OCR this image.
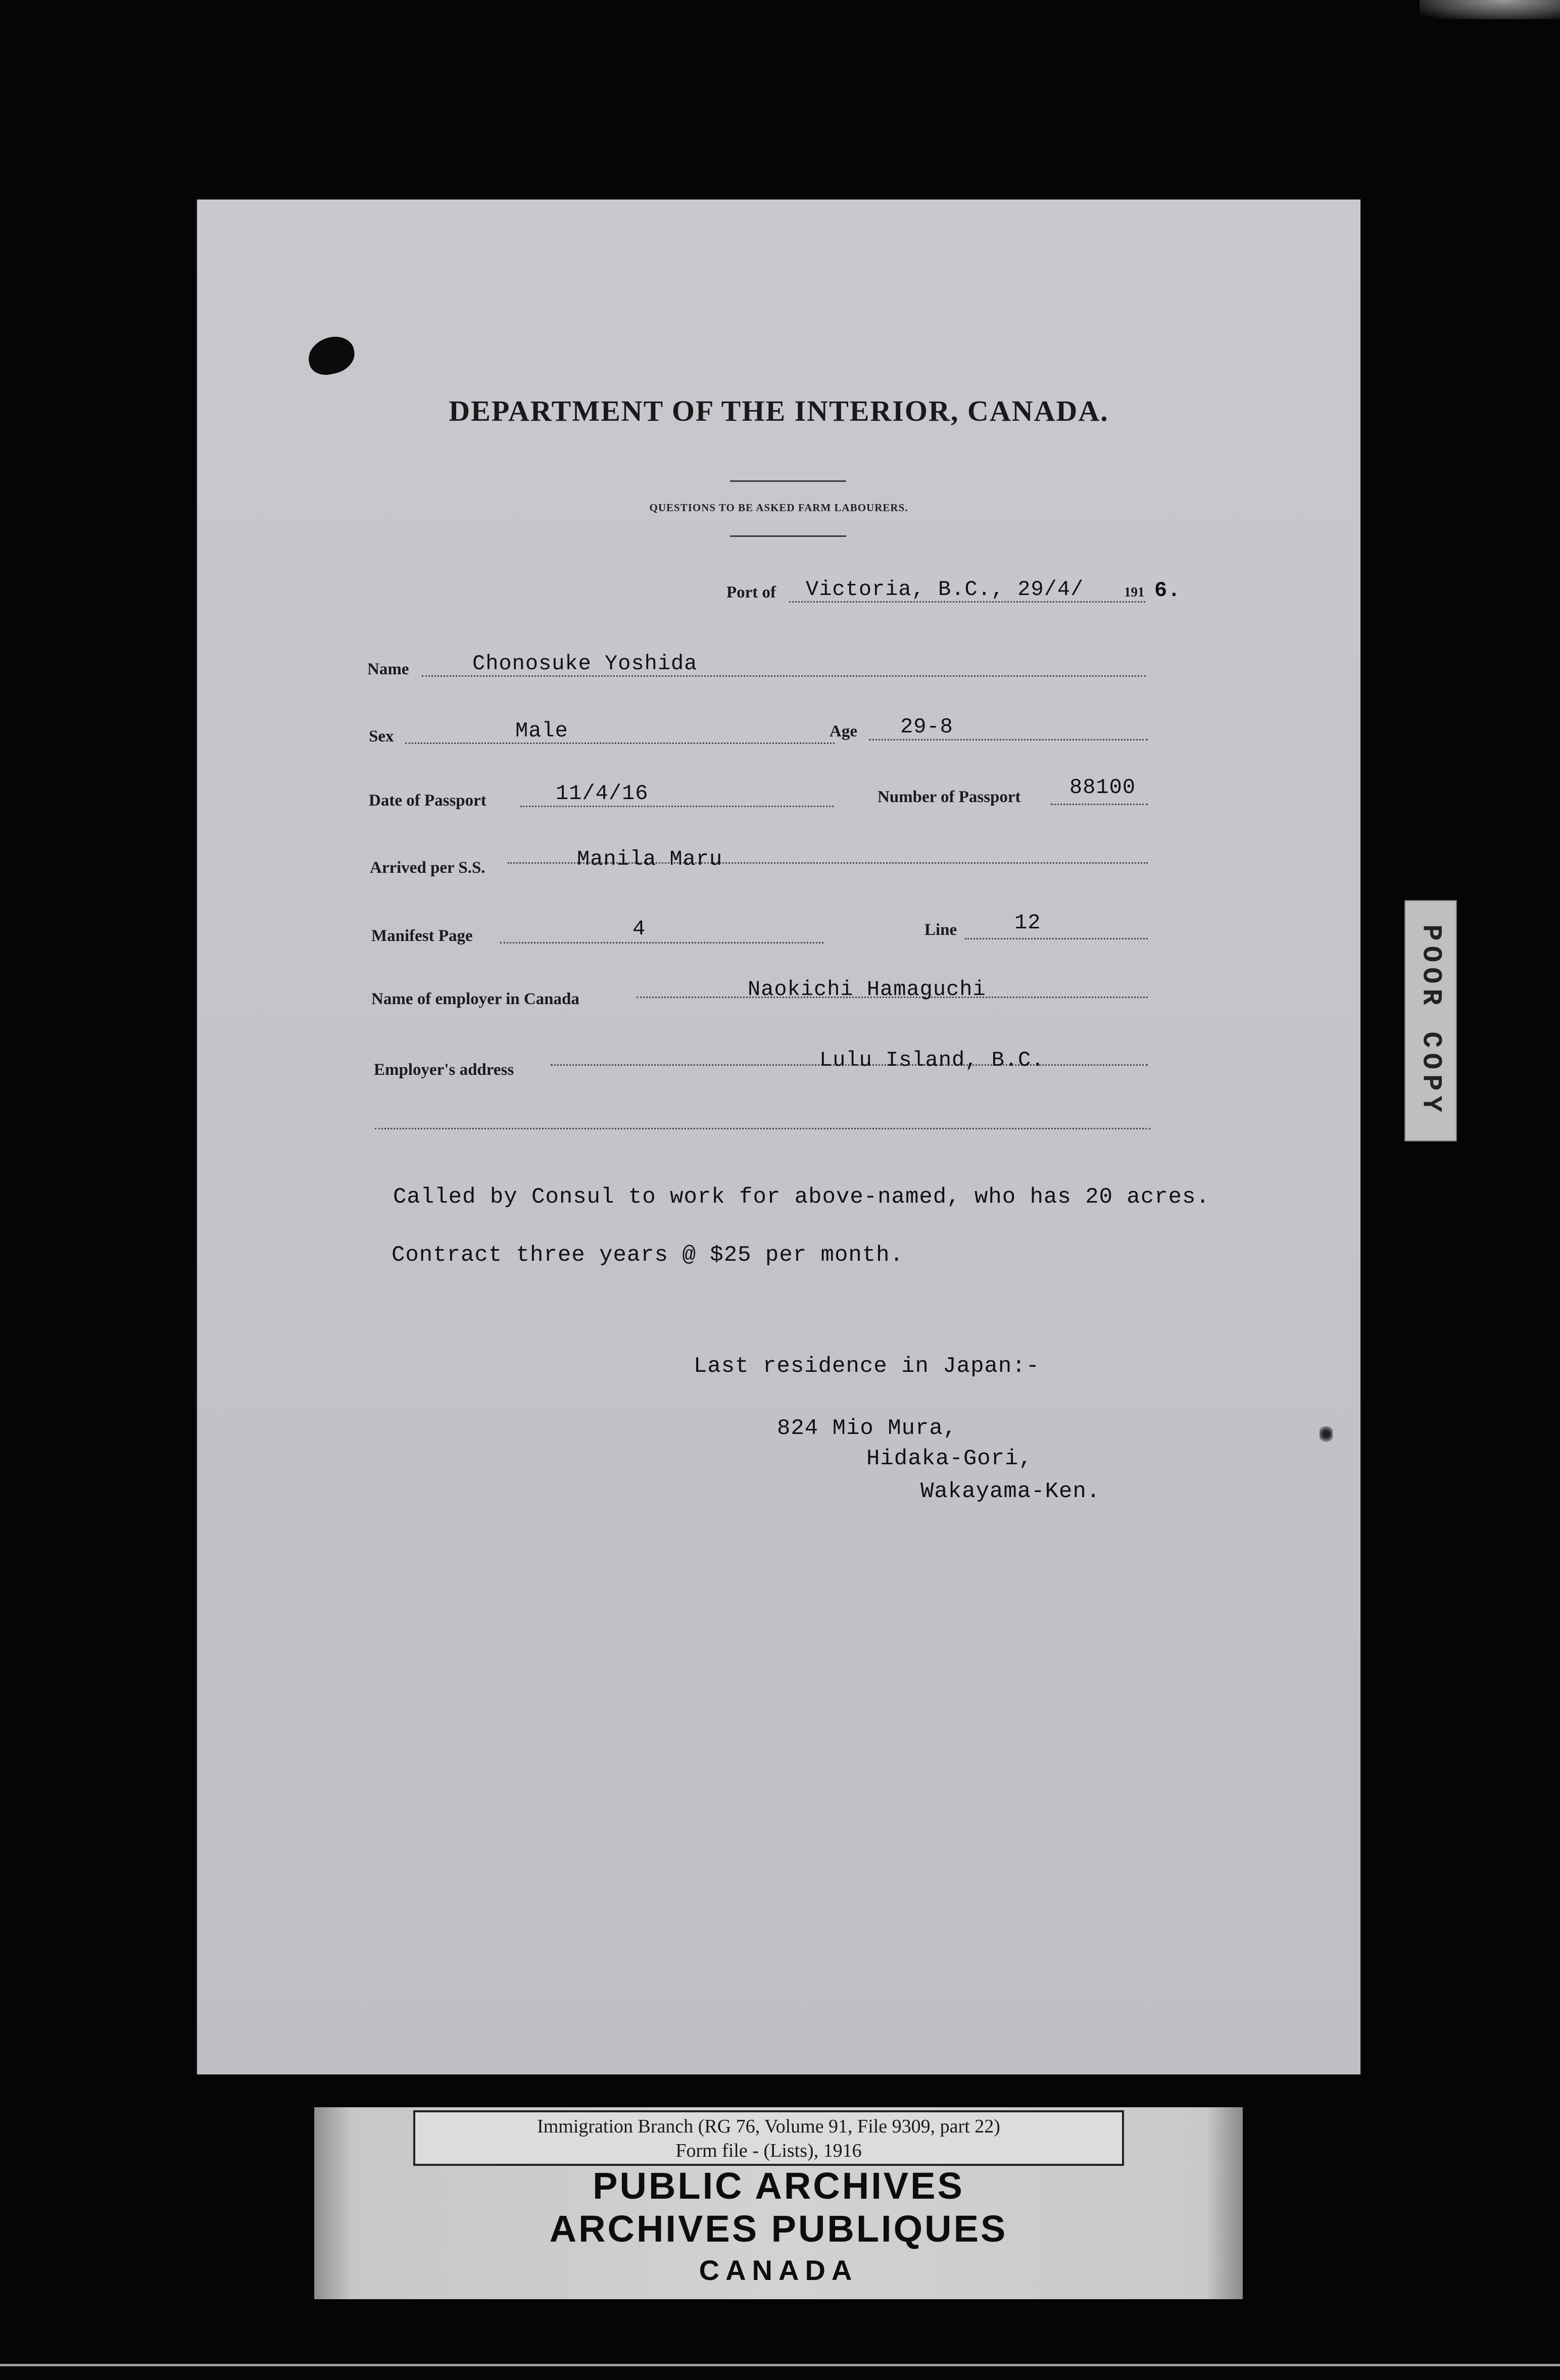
DEPARTMENT OF THE INTERIOR, CANADA.
QUESTIONS TO BE ASKED FARM LABOURERS.
Port of Victoria, B.C., 29/4/	191 6.
Name	Chonosuke Yoshida
Sex	Male	Age 29-8
Date of Passport	11/4/16	Number of Passport 88100
Arrived per S.S.	Manila Maru
Manifest Page	4	Line	12
Name of employer in Canada	Naokichi Hamaguchi
Employer's address	Lulu Island, B.C.
Called by Consul to work for above-named, who has 20 acres.
Contract three years @ $25 per month.
Last residence in Japan:-
824 Mio Mura,
Hidaka-Gori,
Wakayama-Ken.
POOR COPY
Immigration Branch (RG 76, Volume 91, File 9309, part 22)
Form file - (Lists), 1916
PUBLIC ARCHIVES
ARCHIVES PUBLIQUES
CANADA
